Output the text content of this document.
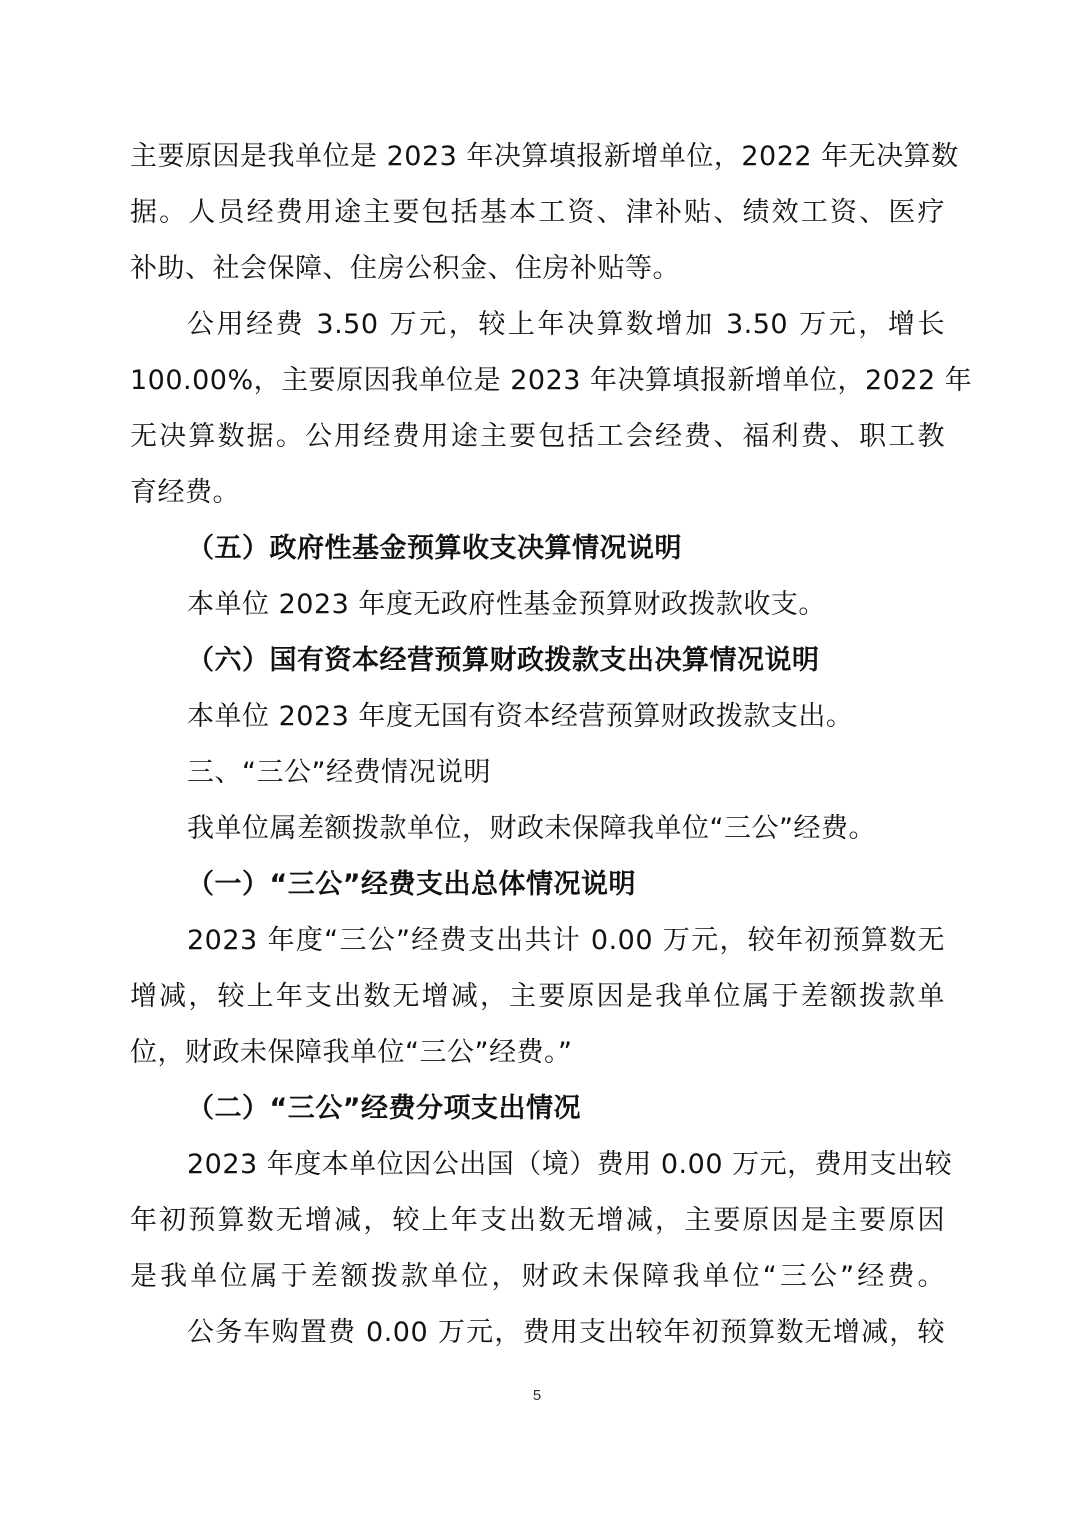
主要原因是我单位是 2023 年决算填报新增单位，2022 年无决算数
据。人员经费用途主要包括基本工资、津补贴、绩效工资、医疗
补助、社会保障、住房公积金、住房补贴等。
公用经费 3.50 万元，较上年决算数增加 3.50 万元，增长
100.00%，主要原因我单位是 2023 年决算填报新增单位，2022 年
无决算数据。公用经费用途主要包括工会经费、福利费、职工教
育经费。
（五）政府性基金预算收支决算情况说明
本单位 2023 年度无政府性基金预算财政拨款收支。
（六）国有资本经营预算财政拨款支出决算情况说明
本单位 2023 年度无国有资本经营预算财政拨款支出。
三、“三公”经费情况说明
我单位属差额拨款单位，财政未保障我单位“三公”经费。
（一）“三公”经费支出总体情况说明
2023 年度“三公”经费支出共计 0.00 万元，较年初预算数无
增减，较上年支出数无增减，主要原因是我单位属于差额拨款单
位，财政未保障我单位“三公”经费。”
（二）“三公”经费分项支出情况
2023 年度本单位因公出国（境）费用 0.00 万元，费用支出较
年初预算数无增减，较上年支出数无增减，主要原因是主要原因
是我单位属于差额拨款单位，财政未保障我单位“三公”经费。
公务车购置费 0.00 万元，费用支出较年初预算数无增减，较
5
